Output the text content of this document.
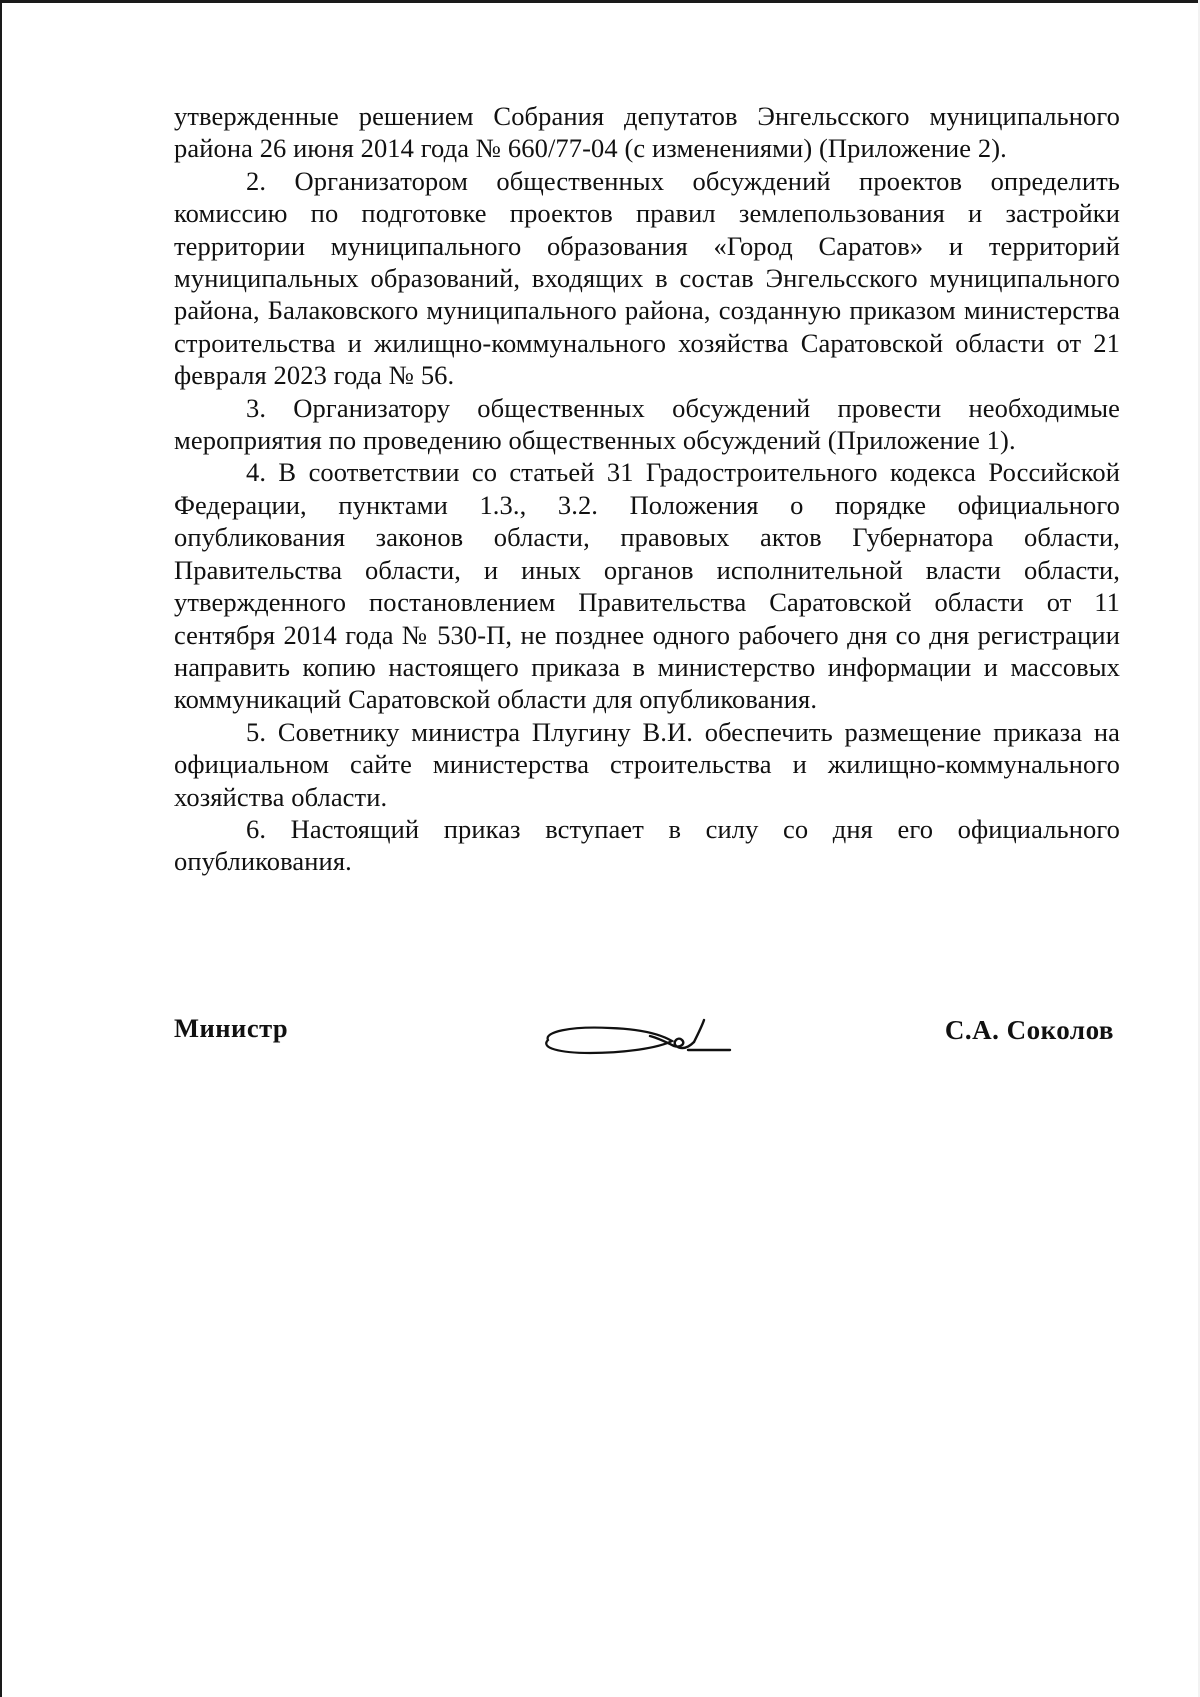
утвержденные решением Собрания депутатов Энгельсского муниципального района 26 июня 2014 года № 660/77-04 (с изменениями) (Приложение 2).

2. Организатором общественных обсуждений проектов определить комиссию по подготовке проектов правил землепользования и застройки территории муниципального образования «Город Саратов» и территорий муниципальных образований, входящих в состав Энгельсского муниципального района, Балаковского муниципального района, созданную приказом министерства строительства и жилищно-коммунального хозяйства Саратовской области от 21 февраля 2023 года № 56.

3. Организатору общественных обсуждений провести необходимые мероприятия по проведению общественных обсуждений (Приложение 1).

4. В соответствии со статьей 31 Градостроительного кодекса Российской Федерации, пунктами 1.3., 3.2. Положения о порядке официального опубликования законов области, правовых актов Губернатора области, Правительства области, и иных органов исполнительной власти области, утвержденного постановлением Правительства Саратовской области от 11 сентября 2014 года № 530-П, не позднее одного рабочего дня со дня регистрации направить копию настоящего приказа в министерство информации и массовых коммуникаций Саратовской области для опубликования.

5. Советнику министра Плугину В.И. обеспечить размещение приказа на официальном сайте министерства строительства и жилищно-коммунального хозяйства области.

6. Настоящий приказ вступает в силу со дня его официального опубликования.

Министр	С.А. Соколов
